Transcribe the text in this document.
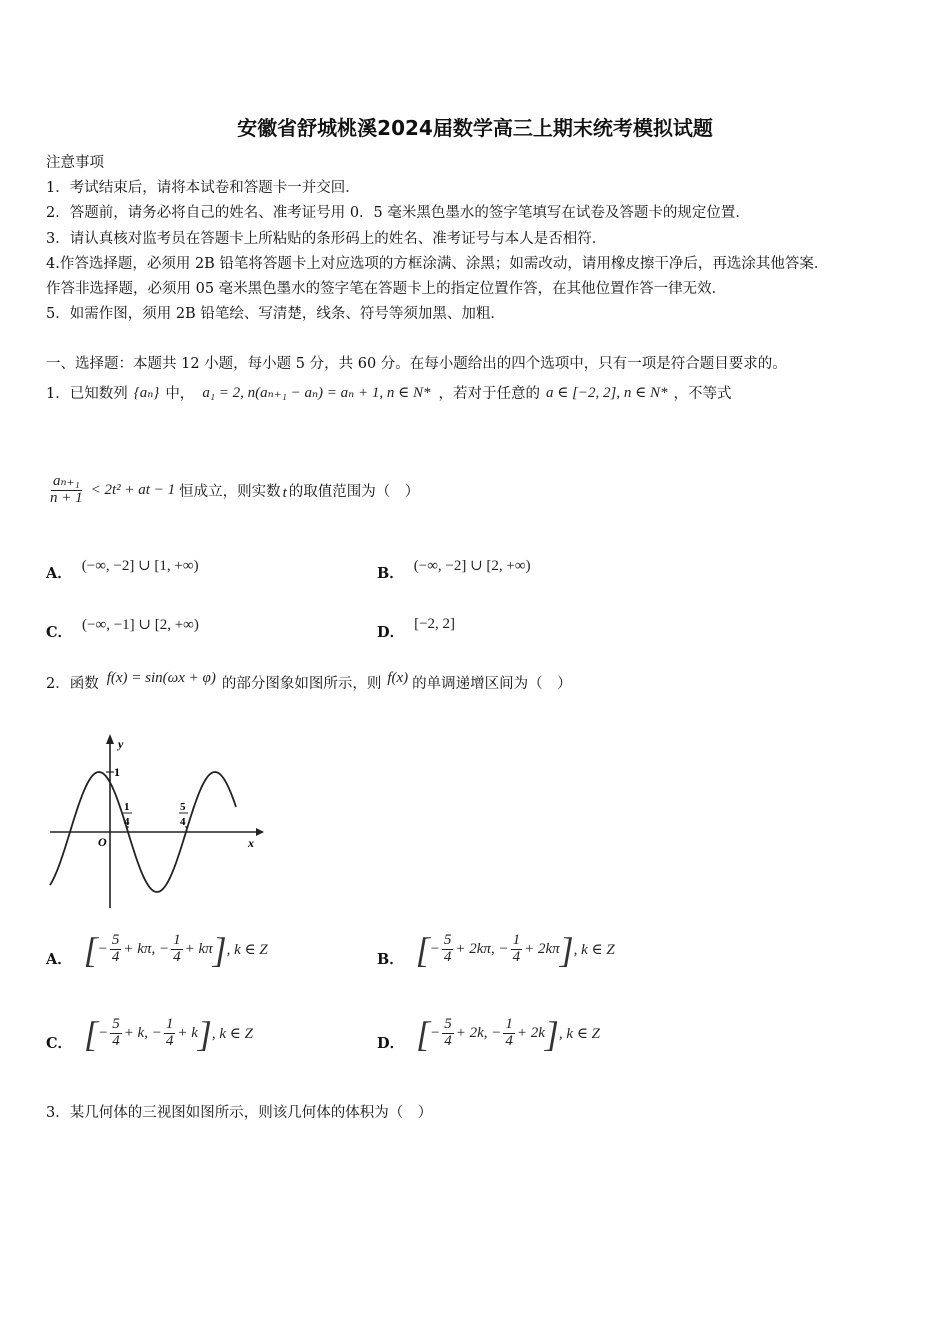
安徽省舒城桃溪2024届数学高三上期末统考模拟试题
注意事项
1．考试结束后，请将本试卷和答题卡一并交回．
2．答题前，请务必将自己的姓名、准考证号用 0．5 毫米黑色墨水的签字笔填写在试卷及答题卡的规定位置．
3．请认真核对监考员在答题卡上所粘贴的条形码上的姓名、准考证号与本人是否相符．
4.作答选择题，必须用 2B 铅笔将答题卡上对应选项的方框涂满、涂黑；如需改动，请用橡皮擦干净后，再选涂其他答案．
作答非选择题，必须用 05 毫米黑色墨水的签字笔在答题卡上的指定位置作答，在其他位置作答一律无效．
5．如需作图，须用 2B 铅笔绘、写清楚，线条、符号等须加黑、加粗．
一、选择题：本题共 12 小题，每小题 5 分，共 60 分。在每小题给出的四个选项中，只有一项是符合题目要求的。
1．已知数列 {aₙ} 中， a₁ = 2, n(aₙ₊₁ − aₙ) = aₙ + 1, n ∈ N* ，若对于任意的 a ∈ [−2, 2], n ∈ N* ，不等式
$\frac{\text{aₙ₊₁}}{n + 1} < 2t^2$ + at − 1 恒成立，则实数 t 的取值范围为（　）
A． (−∞, −2] ∪ [1, +∞)	B． (−∞, −2] ∪ [2, +∞)
C． (−∞, −1] ∪ [2, +∞)	D． [−2, 2]
2．函数 f(x) = sin(ωx + φ) 的部分图象如图所示，则 f(x) 的单调递增区间为（　）
y
x
O
1
1
4
5
4
A． [ − $\frac{5}{4} + k\pi$ , − $\frac{1}{4} + k\pi$ ] , k ∈ Z
B． [ − $\frac{5}{4} + 2k\pi$ , − $\frac{1}{4} + 2k\pi$ ] , k ∈ Z
C． [ − $\frac{5}{4} + k$ , − $\frac{1}{4} + k$ ] , k ∈ Z
D． [ − $\frac{5}{4} + 2k$ , − $\frac{1}{4} + 2k$ ] , k ∈ Z
3．某几何体的三视图如图所示，则该几何体的体积为（　）
